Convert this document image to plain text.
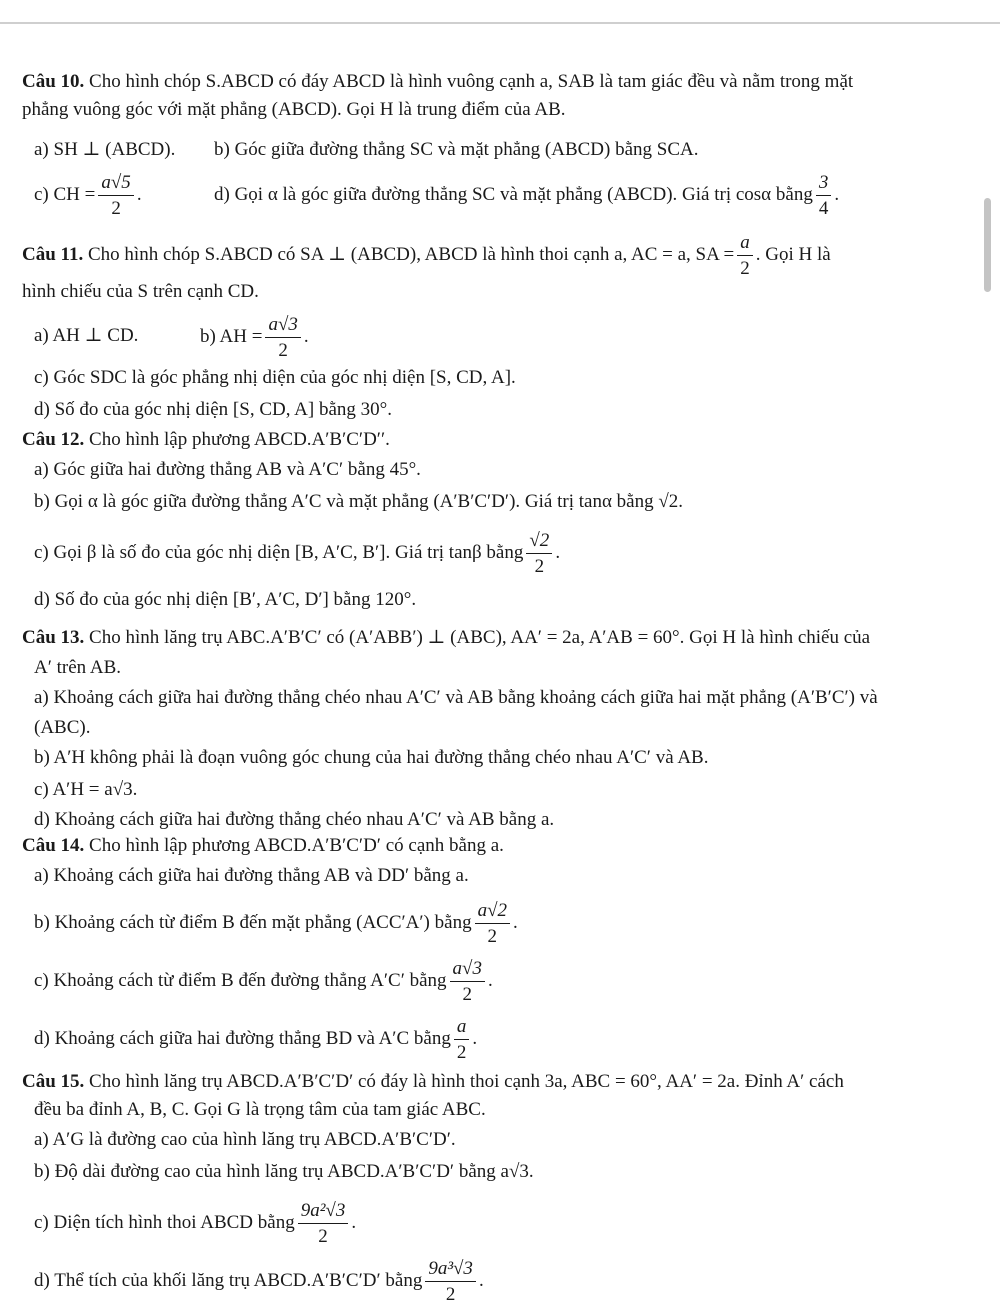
Câu 10. Cho hình chóp S.ABCD có đáy ABCD là hình vuông cạnh a, SAB là tam giác đều và nằm trong mặt
phẳng vuông góc với mặt phẳng (ABCD). Gọi H là trung điểm của AB.
a) SH ⊥ (ABCD). b) Góc giữa đường thẳng SC và mặt phẳng (ABCD) bằng SCA.
c) CH = $\frac{a√5}{2}$ .	d) Gọi α là góc giữa đường thẳng SC và mặt phẳng (ABCD). Giá trị cosα bằng $\frac{3}{4}$ .
Câu 11. Cho hình chóp S.ABCD có SA ⊥ (ABCD), ABCD là hình thoi cạnh a, AC = a, SA = $\frac{a}{2}$ . Gọi H là
hình chiếu của S trên cạnh CD.
a) AH ⊥ CD.	b) AH = $\frac{a√3}{2}$ .
c) Góc SDC là góc phẳng nhị diện của góc nhị diện [S, CD, A].
d) Số đo của góc nhị diện [S, CD, A] bằng 30°.
Câu 12. Cho hình lập phương ABCD.A′B′C′D′′.
a) Góc giữa hai đường thẳng AB và A′C′ bằng 45°.
b) Gọi α là góc giữa đường thẳng A′C và mặt phẳng (A′B′C′D′). Giá trị tanα bằng √2.
c) Gọi β là số đo của góc nhị diện [B, A′C, B′]. Giá trị tanβ bằng $\frac{√2}{2}$ .
d) Số đo của góc nhị diện [B′, A′C, D′] bằng 120°.
Câu 13. Cho hình lăng trụ ABC.A′B′C′ có (A′ABB′) ⊥ (ABC), AA′ = 2a, A′AB = 60°. Gọi H là hình chiếu của
A′ trên AB.
a) Khoảng cách giữa hai đường thẳng chéo nhau A′C′ và AB bằng khoảng cách giữa hai mặt phẳng (A′B′C′) và
(ABC).
b) A′H không phải là đoạn vuông góc chung của hai đường thẳng chéo nhau A′C′ và AB.
c) A′H = a√3.
d) Khoảng cách giữa hai đường thẳng chéo nhau A′C′ và AB bằng a.
Câu 14. Cho hình lập phương ABCD.A′B′C′D′ có cạnh bằng a.
a) Khoảng cách giữa hai đường thẳng AB và DD′ bằng a.
b) Khoảng cách từ điểm B đến mặt phẳng (ACC′A′) bằng $\frac{a√2}{2}$ .
c) Khoảng cách từ điểm B đến đường thẳng A′C′ bằng $\frac{a√3}{2}$ .
d) Khoảng cách giữa hai đường thẳng BD và A′C bằng $\frac{a}{2}$ .
Câu 15. Cho hình lăng trụ ABCD.A′B′C′D′ có đáy là hình thoi cạnh 3a, ABC = 60°, AA′ = 2a. Đỉnh A′ cách
đều ba đỉnh A, B, C. Gọi G là trọng tâm của tam giác ABC.
a) A′G là đường cao của hình lăng trụ ABCD.A′B′C′D′.
b) Độ dài đường cao của hình lăng trụ ABCD.A′B′C′D′ bằng a√3.
c) Diện tích hình thoi ABCD bằng $\frac{\text{9a²√3}}{2}$ .
d) Thể tích của khối lăng trụ ABCD.A′B′C′D′ bằng $\frac{\text{9a³√3}}{2}$ .
